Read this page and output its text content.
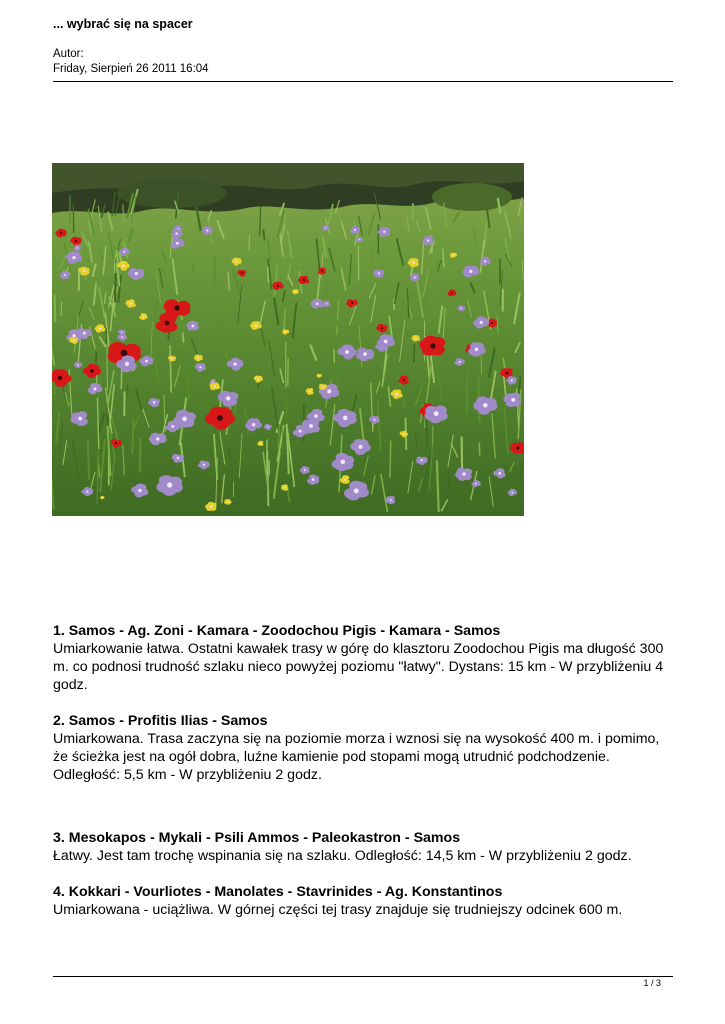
... wybrać się na spacer
Autor:
Friday, Sierpień 26 2011 16:04
1. Samos - Ag. Zoni - Kamara - Zoodochou Pigis - Kamara - Samos
Umiarkowanie łatwa. Ostatni kawałek trasy w górę do klasztoru Zoodochou Pigis ma długość 300 m. co podnosi trudność szlaku nieco powyżej poziomu "łatwy". Dystans: 15 km - W przybliżeniu 4 godz.
2. Samos - Profitis Ilias - Samos
Umiarkowana. Trasa zaczyna się na poziomie morza i wznosi się na wysokość 400 m. i pomimo, że ścieżka jest na ogół dobra, luźne kamienie pod stopami mogą utrudnić podchodzenie. Odległość: 5,5 km - W przybliżeniu 2 godz.
3. Mesokapos - Mykali - Psili Ammos - Paleokastron - Samos
Łatwy. Jest tam trochę wspinania się na szlaku. Odległość: 14,5 km - W przybliżeniu 2 godz.
4. Kokkari - Vourliotes - Manolates - Stavrinides - Ag. Konstantinos
Umiarkowana - uciążliwa. W górnej części tej trasy znajduje się trudniejszy odcinek 600 m.
1 / 3
